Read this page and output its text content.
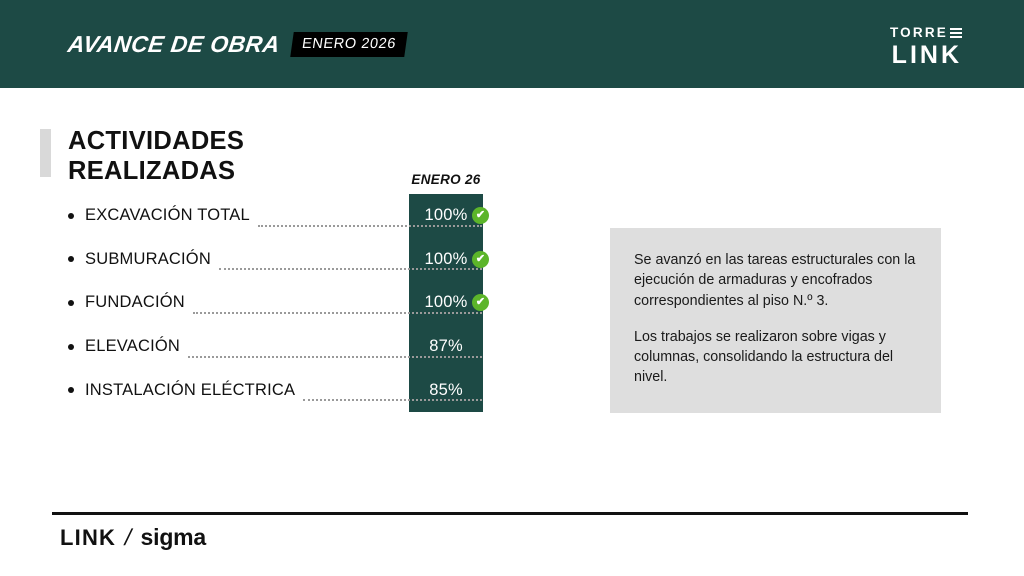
AVANCE DE OBRA	ENERO 2026
TORRE
LINK
ACTIVIDADES
REALIZADAS	ENERO 26
EXCAVACIÓN TOTAL	100% ✔
SUBMURACIÓN	100% ✔
FUNDACIÓN	100% ✔
ELEVACIÓN	87%
INSTALACIÓN ELÉCTRICA	85%

Se avanzó en las tareas estructurales con la ejecución de armaduras y encofrados correspondientes al piso N.º 3.

Los trabajos se realizaron sobre vigas y columnas, consolidando la estructura del nivel.

LINK / sigma
